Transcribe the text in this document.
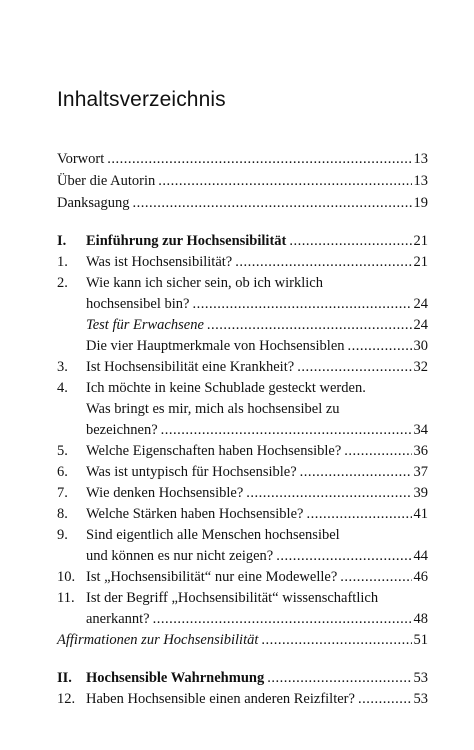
Inhaltsverzeichnis
Vorwort .....	13
Über die Autorin .....	13
Danksagung .....	19
I. Einführung zur Hochsensibilität .....	21
1. Was ist Hochsensibilität? .....	21
2. Wie kann ich sicher sein, ob ich wirklich
hochsensibel bin? .....	24
Test für Erwachsene .....	24
Die vier Hauptmerkmale von Hochsensiblen .....	30
3. Ist Hochsensibilität eine Krankheit? .....	32
4. Ich möchte in keine Schublade gesteckt werden.
Was bringt es mir, mich als hochsensibel zu
bezeichnen? .....	34
5. Welche Eigenschaften haben Hochsensible? .....	36
6. Was ist untypisch für Hochsensible? .....	37
7. Wie denken Hochsensible? .....	39
8. Welche Stärken haben Hochsensible? .....	41
9. Sind eigentlich alle Menschen hochsensibel
und können es nur nicht zeigen? .....	44
10. Ist „Hochsensibilität“ nur eine Modewelle? .....	46
11. Ist der Begriff „Hochsensibilität“ wissenschaftlich
anerkannt? .....	48
Affirmationen zur Hochsensibilität .....	51
II. Hochsensible Wahrnehmung .....	53
12. Haben Hochsensible einen anderen Reizfilter? .....	53
